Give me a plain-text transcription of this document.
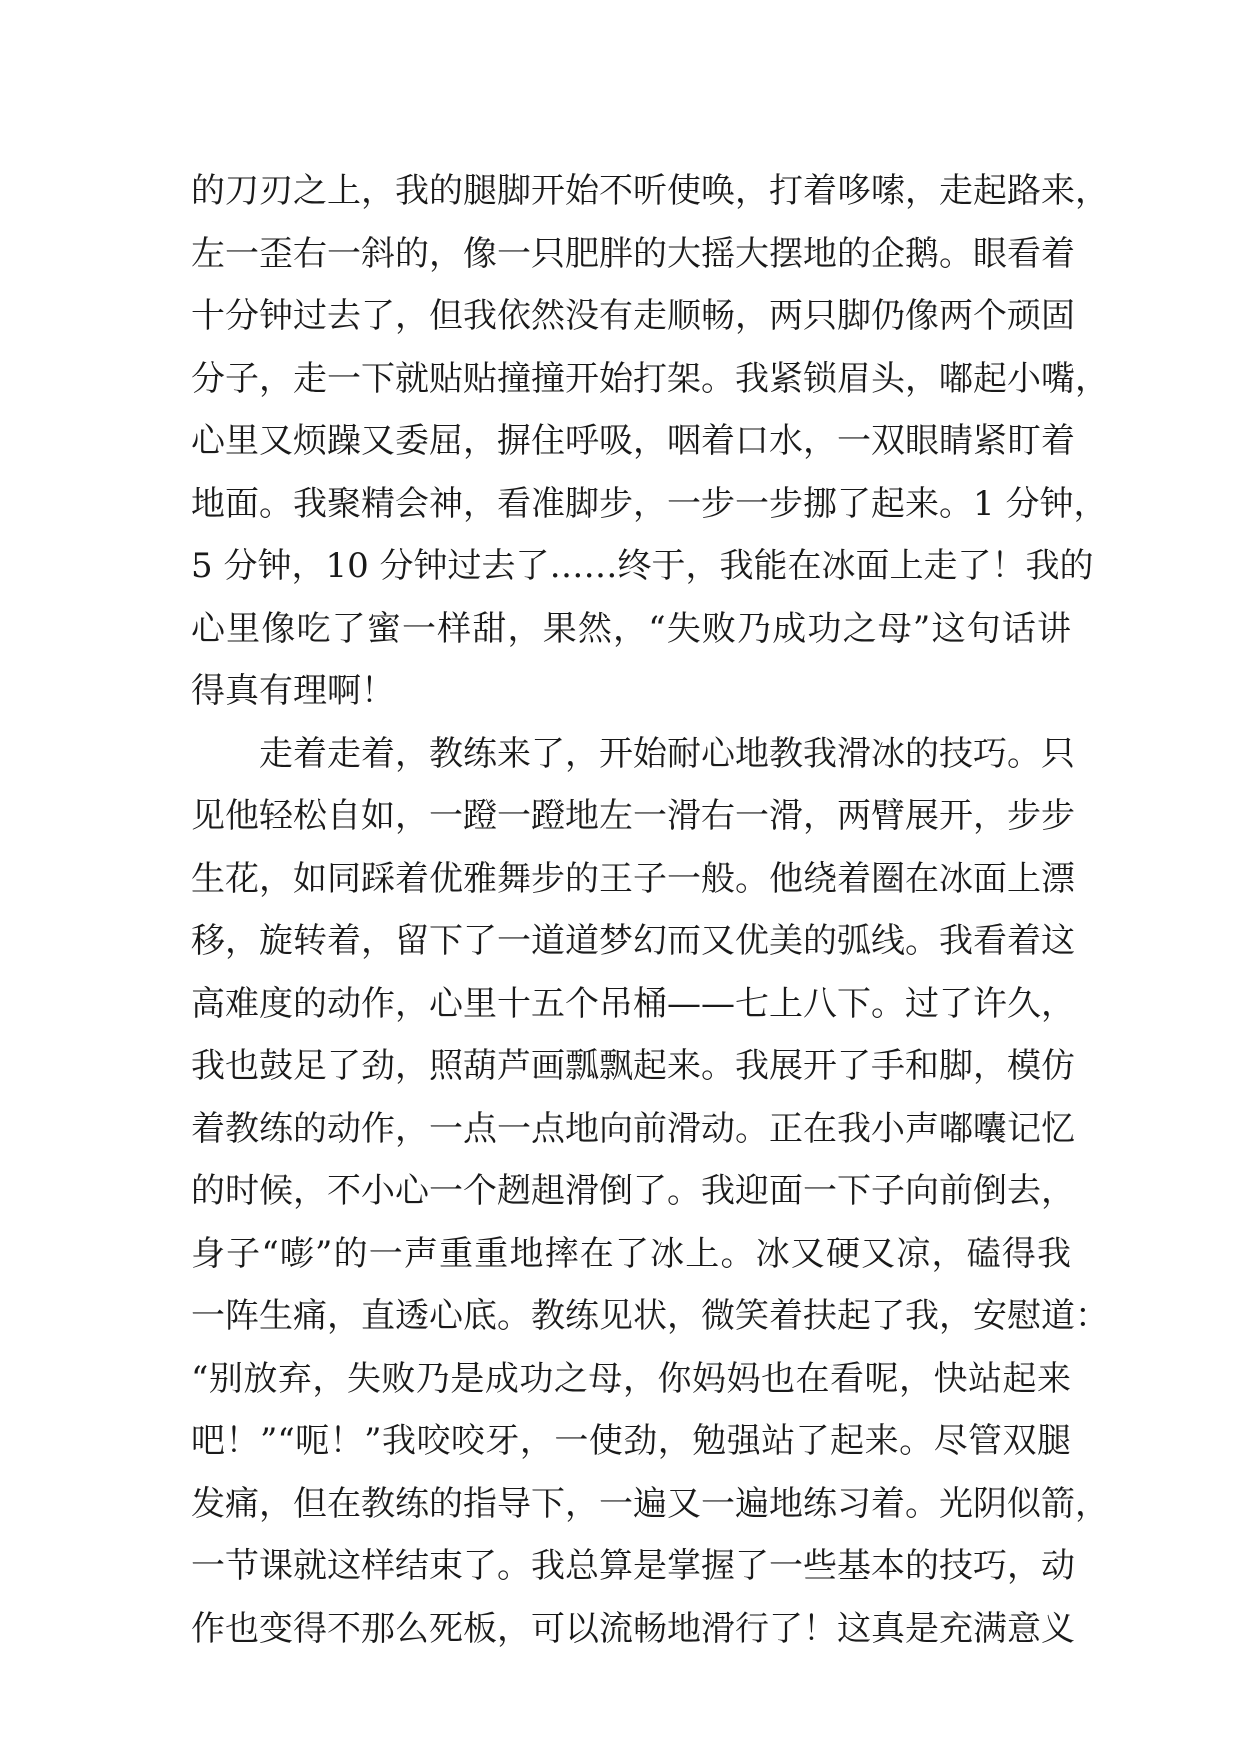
的刀刃之上，我的腿脚开始不听使唤，打着哆嗦，走起路来，
左一歪右一斜的，像一只肥胖的大摇大摆地的企鹅。眼看着
十分钟过去了，但我依然没有走顺畅，两只脚仍像两个顽固
分子，走一下就贴贴撞撞开始打架。我紧锁眉头，嘟起小嘴，
心里又烦躁又委屈，摒住呼吸，咽着口水，一双眼睛紧盯着
地面。我聚精会神，看准脚步，一步一步挪了起来。1 分钟，
5 分钟，10 分钟过去了……终于，我能在冰面上走了！我的
心里像吃了蜜一样甜，果然，“失败乃成功之母”这句话讲
得真有理啊！
　　走着走着，教练来了，开始耐心地教我滑冰的技巧。只
见他轻松自如，一蹬一蹬地左一滑右一滑，两臂展开，步步
生花，如同踩着优雅舞步的王子一般。他绕着圈在冰面上漂
移，旋转着，留下了一道道梦幻而又优美的弧线。我看着这
高难度的动作，心里十五个吊桶——七上八下。过了许久，
我也鼓足了劲，照葫芦画瓢飘起来。我展开了手和脚，模仿
着教练的动作，一点一点地向前滑动。正在我小声嘟囔记忆
的时候，不小心一个趔趄滑倒了。我迎面一下子向前倒去，
身子“嘭”的一声重重地摔在了冰上。冰又硬又凉，磕得我
一阵生痛，直透心底。教练见状，微笑着扶起了我，安慰道：
“别放弃，失败乃是成功之母，你妈妈也在看呢，快站起来
吧！”“呃！”我咬咬牙，一使劲，勉强站了起来。尽管双腿
发痛，但在教练的指导下，一遍又一遍地练习着。光阴似箭，
一节课就这样结束了。我总算是掌握了一些基本的技巧，动
作也变得不那么死板，可以流畅地滑行了！这真是充满意义
